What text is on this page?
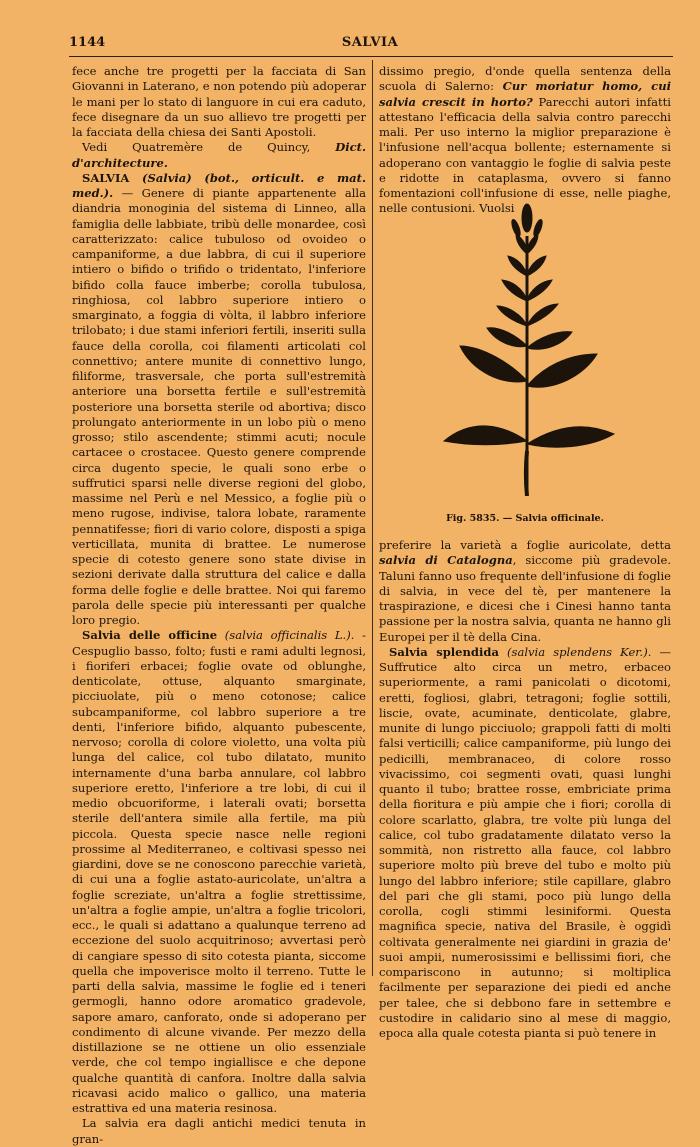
1144	SALVIA

fece anche tre progetti per la facciata di San Giovanni in Laterano, e non potendo più adoperar le mani per lo stato di languore in cui era caduto, fece disegnare da un suo allievo tre progetti per la facciata della chiesa dei Santi Apostoli.

Vedi Quatremère de Quincy, Dict. d'architecture.

SALVIA (Salvia) (bot., orticult. e mat. med.). — Genere di piante appartenente alla diandria monoginia del sistema di Linneo, alla famiglia delle labbiate, tribù delle monardee, così caratterizzato: calice tubuloso od ovoideo o campaniforme, a due labbra, di cui il superiore intiero o bifido o trifido o tridentato, l'inferiore bifido colla fauce imberbe; corolla tubulosa, ringhiosa, col labbro superiore intiero o smarginato, a foggia di vòlta, il labbro inferiore trilobato; i due stami inferiori fertili, inseriti sulla fauce della corolla, coi filamenti articolati col connettivo; antere munite di connettivo lungo, filiforme, trasversale, che porta sull'estremità anteriore una borsetta fertile e sull'estremità posteriore una borsetta sterile od abortiva; disco prolungato anteriormente in un lobo più o meno grosso; stilo ascendente; stimmi acuti; nocule cartacee o crostacee. Questo genere comprende circa dugento specie, le quali sono erbe o suffrutici sparsi nelle diverse regioni del globo, massime nel Perù e nel Messico, a foglie più o meno rugose, indivise, talora lobate, raramente pennatifesse; fiori di vario colore, disposti a spiga verticillata, munita di brattee. Le numerose specie di cotesto genere sono state divise in sezioni derivate dalla struttura del calice e dalla forma delle foglie e delle brattee. Noi qui faremo parola delle specie più interessanti per qualche loro pregio.

Salvia delle officine (salvia officinalis L.). - Cespuglio basso, folto; fusti e rami adulti legnosi, i fioriferi erbacei; foglie ovate od oblunghe, denticolate, ottuse, alquanto smarginate, picciuolate, più o meno cotonose; calice subcampaniforme, col labbro superiore a tre denti, l'inferiore bifido, alquanto pubescente, nervoso; corolla di colore violetto, una volta più lunga del calice, col tubo dilatato, munito internamente d'una barba annulare, col labbro superiore eretto, l'inferiore a tre lobi, di cui il medio obcuoriforme, i laterali ovati; borsetta sterile dell'antera simile alla fertile, ma più piccola. Questa specie nasce nelle regioni prossime al Mediterraneo, e coltivasi spesso nei giardini, dove se ne conoscono parecchie varietà, di cui una a foglie astato-auricolate, un'altra a foglie screziate, un'altra a foglie strettissime, un'altra a foglie ampie, un'altra a foglie tricolori, ecc., le quali si adattano a qualunque terreno ad eccezione del suolo acquitrinoso; avvertasi però di cangiare spesso di sito cotesta pianta, siccome quella che impoverisce molto il terreno. Tutte le parti della salvia, massime le foglie ed i teneri germogli, hanno odore aromatico gradevole, sapore amaro, canforato, onde si adoperano per condimento di alcune vivande. Per mezzo della distillazione se ne ottiene un olio essenziale verde, che col tempo ingiallisce e che depone qualche quantità di canfora. Inoltre dalla salvia ricavasi acido malico o gallico, una materia estrattiva ed una materia resinosa.

La salvia era dagli antichi medici tenuta in gran-

dissimo pregio, d'onde quella sentenza della scuola di Salerno: Cur moriatur homo, cui salvia crescit in horto? Parecchi autori infatti attestano l'efficacia della salvia contro parecchi mali. Per uso interno la miglior preparazione è l'infusione nell'acqua bollente; esternamente si adoperano con vantaggio le foglie di salvia peste e ridotte in cataplasma, ovvero si fanno fomentazioni coll'infusione di esse, nelle piaghe, nelle contusioni. Vuolsi

Fig. 5835. — Salvia officinale.

preferire la varietà a foglie auricolate, detta salvia di Catalogna, siccome più gradevole. Taluni fanno uso frequente dell'infusione di foglie di salvia, in vece del tè, per mantenere la traspirazione, e dicesi che i Cinesi hanno tanta passione per la nostra salvia, quanta ne hanno gli Europei per il tè della Cina.

Salvia splendida (salvia splendens Ker.). — Suffrutice alto circa un metro, erbaceo superiormente, a rami panicolati o dicotomi, eretti, fogliosi, glabri, tetragoni; foglie sottili, liscie, ovate, acuminate, denticolate, glabre, munite di lungo picciuolo; grappoli fatti di molti falsi verticilli; calice campaniforme, più lungo dei pedicilli, membranaceo, di colore rosso vivacissimo, coi segmenti ovati, quasi lunghi quanto il tubo; brattee rosse, embriciate prima della fioritura e più ampie che i fiori; corolla di colore scarlatto, glabra, tre volte più lunga del calice, col tubo gradatamente dilatato verso la sommità, non ristretto alla fauce, col labbro superiore molto più breve del tubo e molto più lungo del labbro inferiore; stile capillare, glabro del pari che gli stami, poco più lungo della corolla, cogli stimmi lesiniformi. Questa magnifica specie, nativa del Brasile, è oggidì coltivata generalmente nei giardini in grazia de' suoi ampii, numerosissimi e bellissimi fiori, che compariscono in autunno; si moltiplica facilmente per separazione dei piedi ed anche per talee, che si debbono fare in settembre e custodire in calidario sino al mese di maggio, epoca alla quale cotesta pianta si può tenere in
